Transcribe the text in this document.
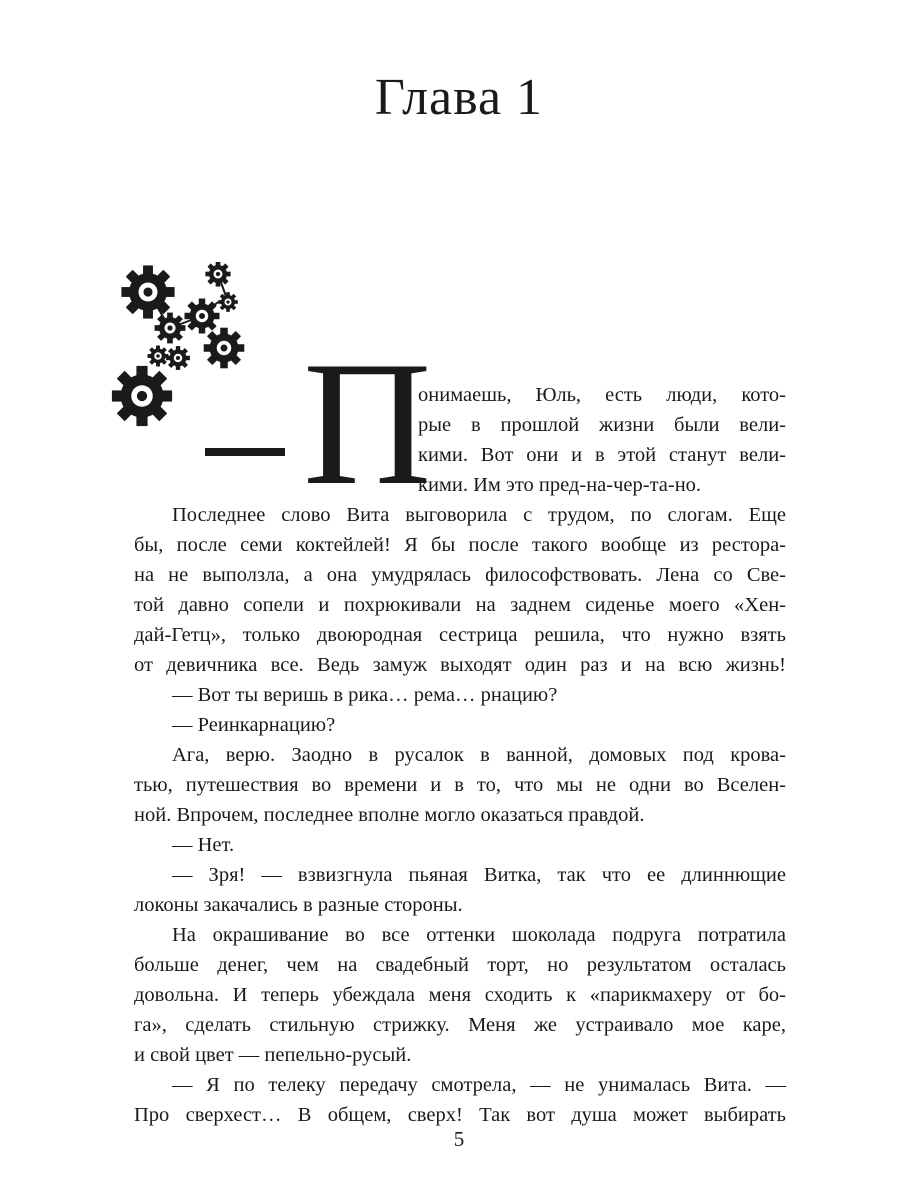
Глава 1
П
онимаешь, Юль, есть люди, кото-
рые в прошлой жизни были вели-
кими. Вот они и в этой станут вели-
кими. Им это пред-на-чер-та-но.
Последнее слово Вита выговорила с трудом, по слогам. Еще
бы, после семи коктейлей! Я бы после такого вообще из рестора-
на не выползла, а она умудрялась философствовать. Лена со Све-
той давно сопели и похрюкивали на заднем сиденье моего «Хен-
дай-Гетц», только двоюродная сестрица решила, что нужно взять
от девичника все. Ведь замуж выходят один раз и на всю жизнь!
— Вот ты веришь в рика… рема… рнацию?
— Реинкарнацию?
Ага, верю. Заодно в русалок в ванной, домовых под крова-
тью, путешествия во времени и в то, что мы не одни во Вселен-
ной. Впрочем, последнее вполне могло оказаться правдой.
— Нет.
— Зря! — взвизгнула пьяная Витка, так что ее длиннющие
локоны закачались в разные стороны.
На окрашивание во все оттенки шоколада подруга потратила
больше денег, чем на свадебный торт, но результатом осталась
довольна. И теперь убеждала меня сходить к «парикмахеру от бо-
га», сделать стильную стрижку. Меня же устраивало мое каре,
и свой цвет — пепельно-русый.
— Я по телеку передачу смотрела, — не унималась Вита. —
Про сверхест… В общем, сверх! Так вот душа может выбирать
5
